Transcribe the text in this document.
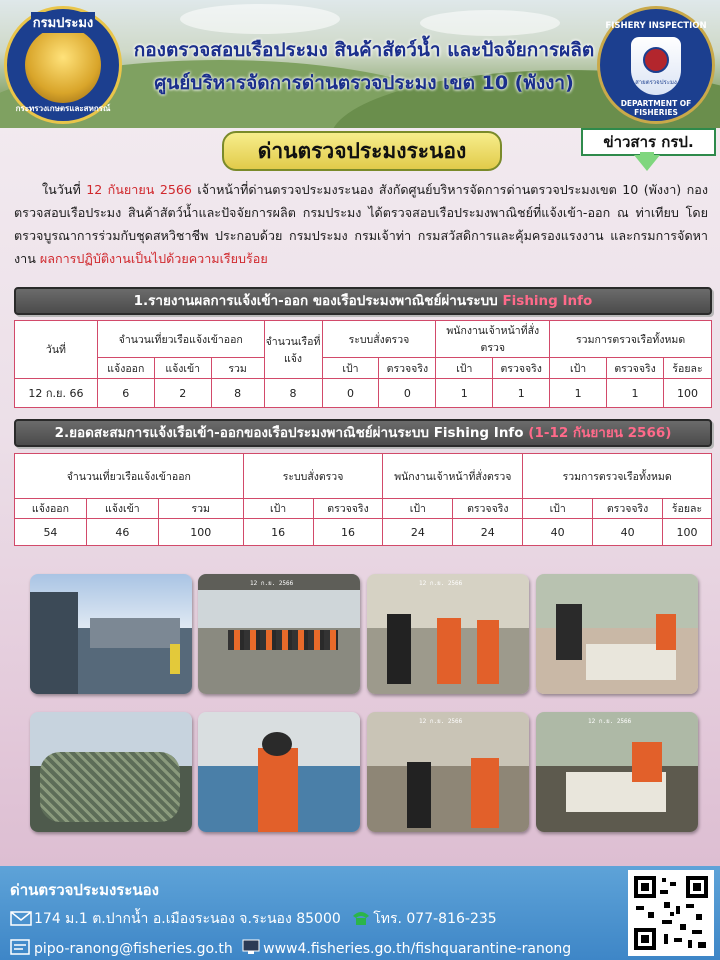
กรมประมง
กระทรวงเกษตรและสหกรณ์
กองตรวจสอบเรือประมง สินค้าสัตว์น้ำ และปัจจัยการผลิต
ศูนย์บริหารจัดการด่านตรวจประมง เขต 10 (พังงา)
FISHERY INSPECTION
สายตรวจประมง
DEPARTMENT OF FISHERIES
ด่านตรวจประมงระนอง	ข่าวสาร กรป.
ในวันที่ 12 กันยายน 2566 เจ้าหน้าที่ด่านตรวจประมงระนอง สังกัดศูนย์บริหารจัดการด่านตรวจประมงเขต 10 (พังงา) กองตรวจสอบเรือประมง สินค้าสัตว์น้ำและปัจจัยการผลิต กรมประมง ได้ตรวจสอบเรือประมงพาณิชย์ที่แจ้งเข้า-ออก ณ ท่าเทียบ โดยตรวจบูรณาการร่วมกับชุดสหวิชาชีพ ประกอบด้วย กรมประมง กรมเจ้าท่า กรมสวัสดิการและคุ้มครองแรงงาน และกรมการจัดหางาน ผลการปฏิบัติงานเป็นไปด้วยความเรียบร้อย
1.รายงานผลการแจ้งเข้า-ออก ของเรือประมงพาณิชย์ผ่านระบบ Fishing Info
วันที่	จำนวนเที่ยวเรือแจ้งเข้าออก			จำนวนเรือที่แจ้ง	ระบบสั่งตรวจ		พนักงานเจ้าหน้าที่สั่งตรวจ		รวมการตรวจเรือทั้งหมด		
	แจ้งออก	แจ้งเข้า	รวม		เป้า	ตรวจจริง	เป้า	ตรวจจริง	เป้า	ตรวจจริง	ร้อยละ
12 ก.ย. 66	6	2	8	8	0	0	1	1	1	1	100
2.ยอดสะสมการแจ้งเรือเข้า-ออกของเรือประมงพาณิชย์ผ่านระบบ Fishing Info (1-12 กันยายน 2566)
จำนวนเที่ยวเรือแจ้งเข้าออก			ระบบสั่งตรวจ		พนักงานเจ้าหน้าที่สั่งตรวจ		รวมการตรวจเรือทั้งหมด		
แจ้งออก	แจ้งเข้า	รวม	เป้า	ตรวจจริง	เป้า	ตรวจจริง	เป้า	ตรวจจริง	ร้อยละ
54	46	100	16	16	24	24	40	40	100
12 ก.ย. 2566	12 ก.ย. 2566
12 ก.ย. 2566	12 ก.ย. 2566
ด่านตรวจประมงระนอง
174 ม.1 ต.ปากน้ำ อ.เมืองระนอง จ.ระนอง 85000 โทร. 077-816-235
pipo-ranong@fisheries.go.th www4.fisheries.go.th/fishquarantine-ranong
